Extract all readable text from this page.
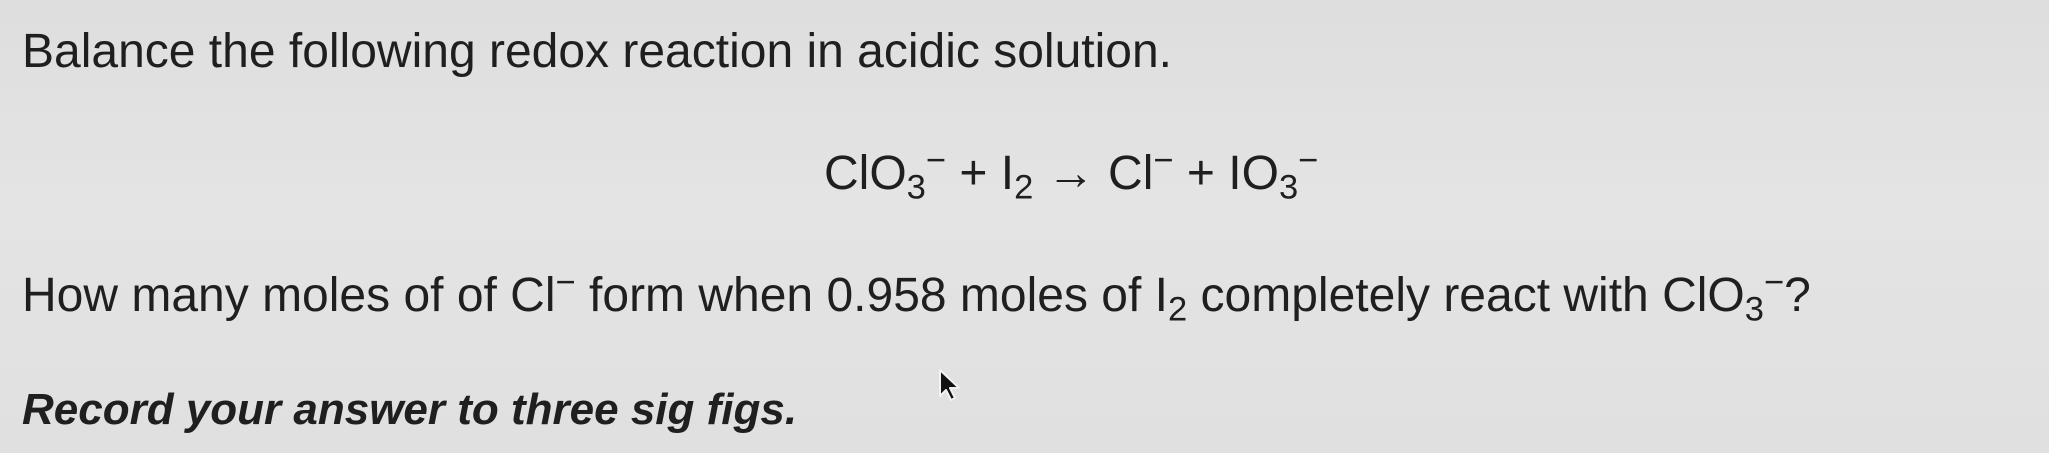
Balance the following redox reaction in acidic solution.
$ClO_3^- + I_2 \to Cl^- + IO_3^-$
How many moles of of Cl− form when 0.958 moles of $I_2$ completely react with ClO$_3$−?
Record your answer to three sig figs.
